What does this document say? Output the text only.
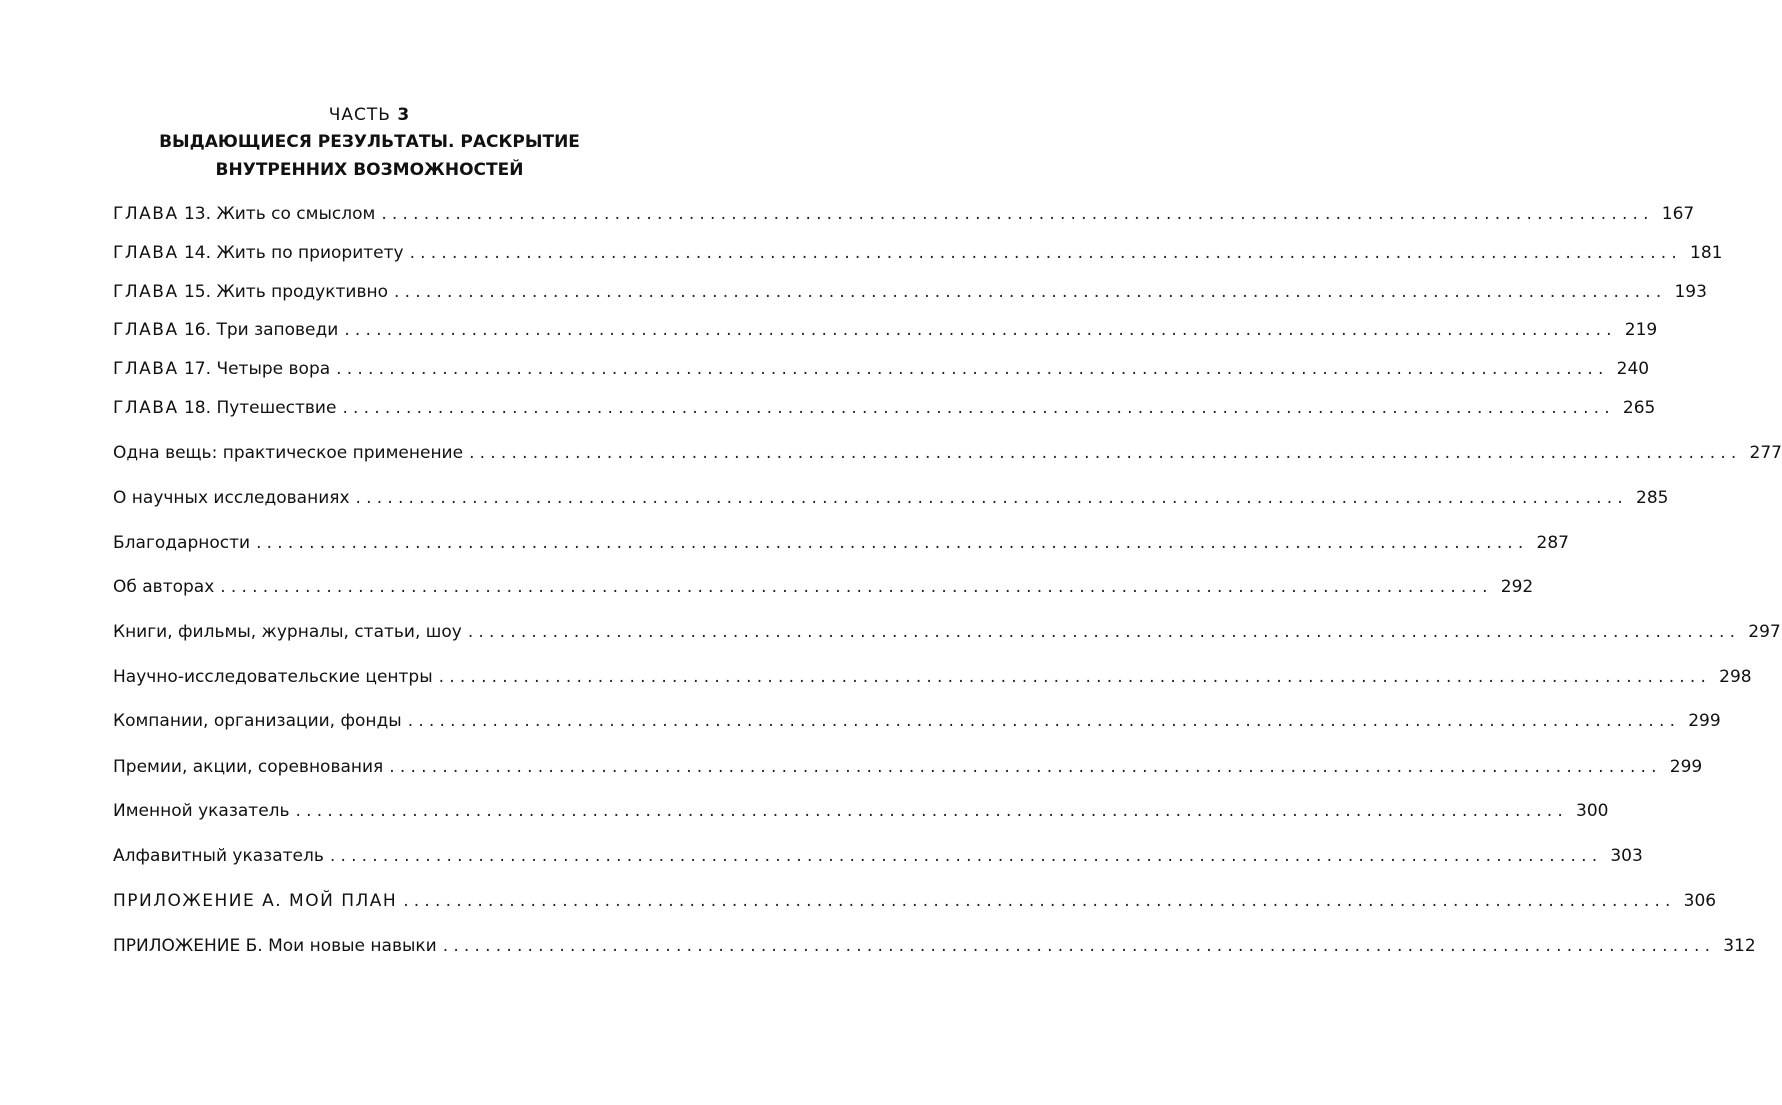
ЧАСТЬ 3
ВЫДАЮЩИЕСЯ РЕЗУЛЬТАТЫ. РАСКРЫТИЕ
ВНУТРЕННИХ ВОЗМОЖНОСТЕЙ
ГЛАВА 13. Жить со смыслом ........................................................................................................................ 167
ГЛАВА 14. Жить по приоритету ........................................................................................................................ 181
ГЛАВА 15. Жить продуктивно ........................................................................................................................ 193
ГЛАВА 16. Три заповеди ........................................................................................................................ 219
ГЛАВА 17. Четыре вора ........................................................................................................................ 240
ГЛАВА 18. Путешествие ........................................................................................................................ 265
Одна вещь: практическое применение ........................................................................................................................ 277
О научных исследованиях ........................................................................................................................ 285
Благодарности ........................................................................................................................ 287
Об авторах ........................................................................................................................ 292
Книги, фильмы, журналы, статьи, шоу ........................................................................................................................ 297
Научно-исследовательские центры ........................................................................................................................ 298
Компании, организации, фонды ........................................................................................................................ 299
Премии, акции, соревнования ........................................................................................................................ 299
Именной указатель ........................................................................................................................ 300
Алфавитный указатель ........................................................................................................................ 303
ПРИЛОЖЕНИЕ А. МОЙ ПЛАН ........................................................................................................................ 306
ПРИЛОЖЕНИЕ Б. Мои новые навыки ........................................................................................................................ 312
